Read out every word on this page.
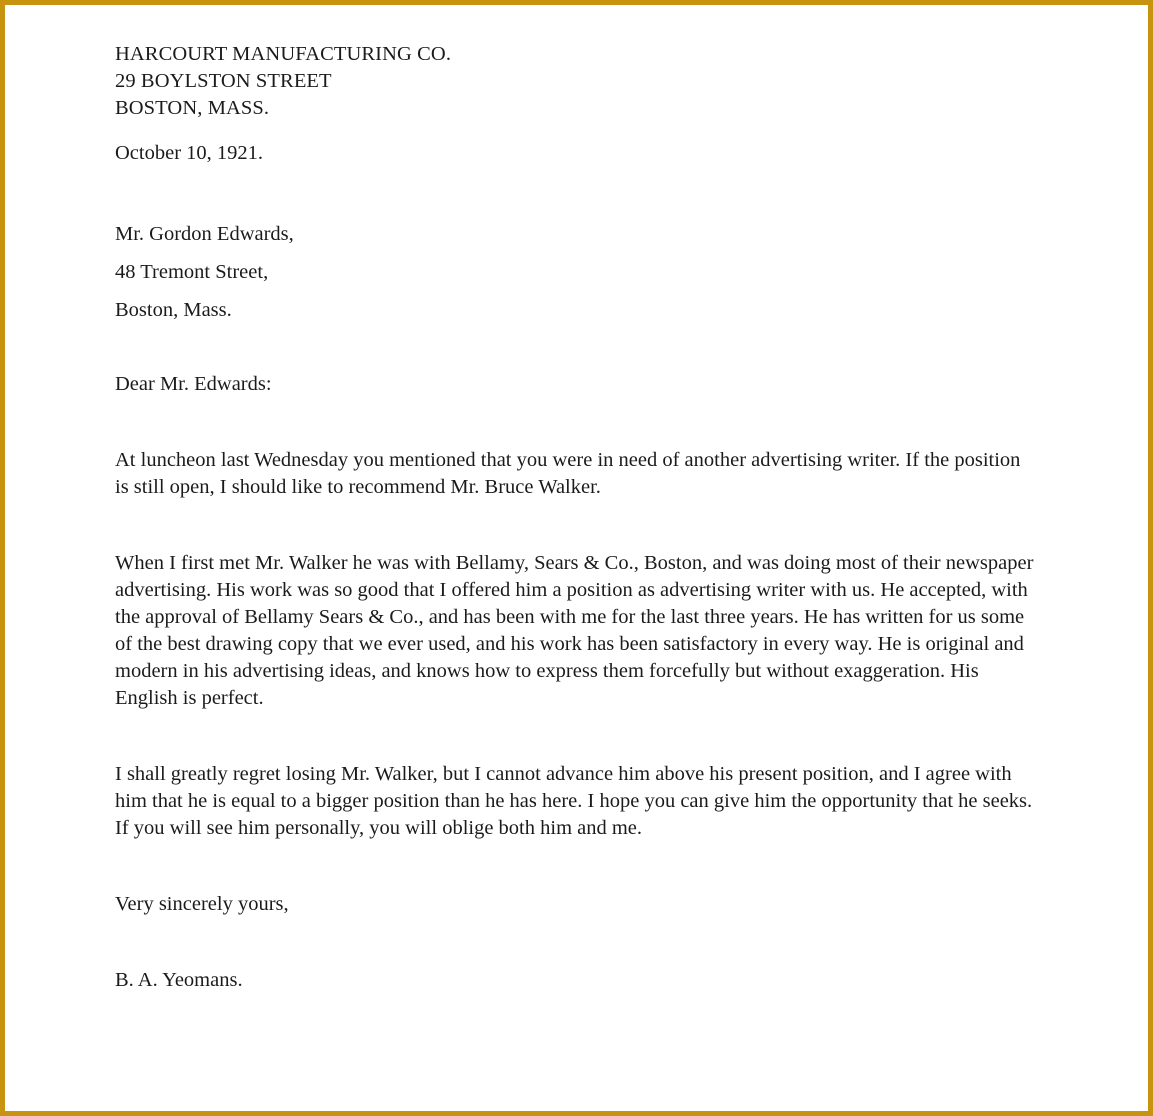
HARCOURT MANUFACTURING CO.
29 BOYLSTON STREET
BOSTON, MASS.
October 10, 1921.
Mr. Gordon Edwards,
48 Tremont Street,
Boston, Mass.
Dear Mr. Edwards:

At luncheon last Wednesday you mentioned that you were in need of another advertising writer. If the position is still open, I should like to recommend Mr. Bruce Walker.

When I first met Mr. Walker he was with Bellamy, Sears & Co., Boston, and was doing most of their newspaper advertising. His work was so good that I offered him a position as advertising writer with us. He accepted, with the approval of Bellamy Sears & Co., and has been with me for the last three years. He has written for us some of the best drawing copy that we ever used, and his work has been satisfactory in every way. He is original and modern in his advertising ideas, and knows how to express them forcefully but without exaggeration. His English is perfect.

I shall greatly regret losing Mr. Walker, but I cannot advance him above his present position, and I agree with him that he is equal to a bigger position than he has here. I hope you can give him the opportunity that he seeks. If you will see him personally, you will oblige both him and me.

Very sincerely yours,
B. A. Yeomans.
